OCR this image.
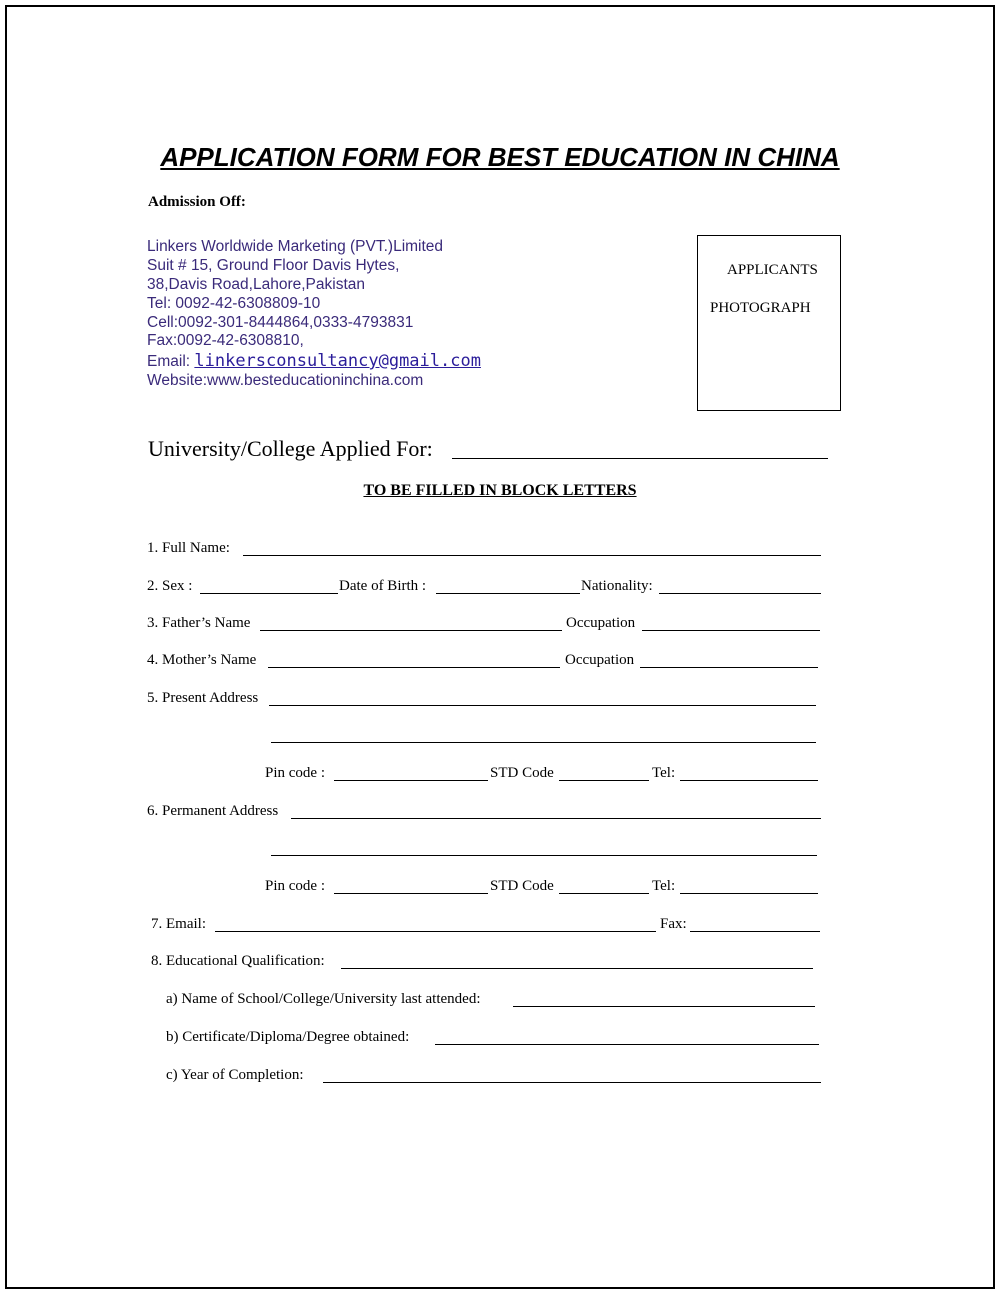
APPLICATION FORM FOR BEST EDUCATION IN CHINA
Admission Off:
Linkers Worldwide Marketing (PVT.)Limited
Suit # 15, Ground Floor Davis Hytes,
38,Davis Road,Lahore,Pakistan
Tel: 0092-42-6308809-10
Cell:0092-301-8444864,0333-4793831
Fax:0092-42-6308810,
Email: linkersconsultancy@gmail.com
Website:www.besteducationinchina.com
APPLICANTS
PHOTOGRAPH
University/College Applied For:
TO BE FILLED IN BLOCK LETTERS
1. Full Name:
2. Sex :	Date of Birth :	Nationality:
3. Father’s Name	Occupation
4. Mother’s Name	Occupation
5. Present Address
Pin code :	STD Code	Tel:
6. Permanent Address
Pin code :	STD Code	Tel:
7. Email:	Fax:
8. Educational Qualification:
a) Name of School/College/University last attended:
b) Certificate/Diploma/Degree obtained:
c) Year of Completion:
